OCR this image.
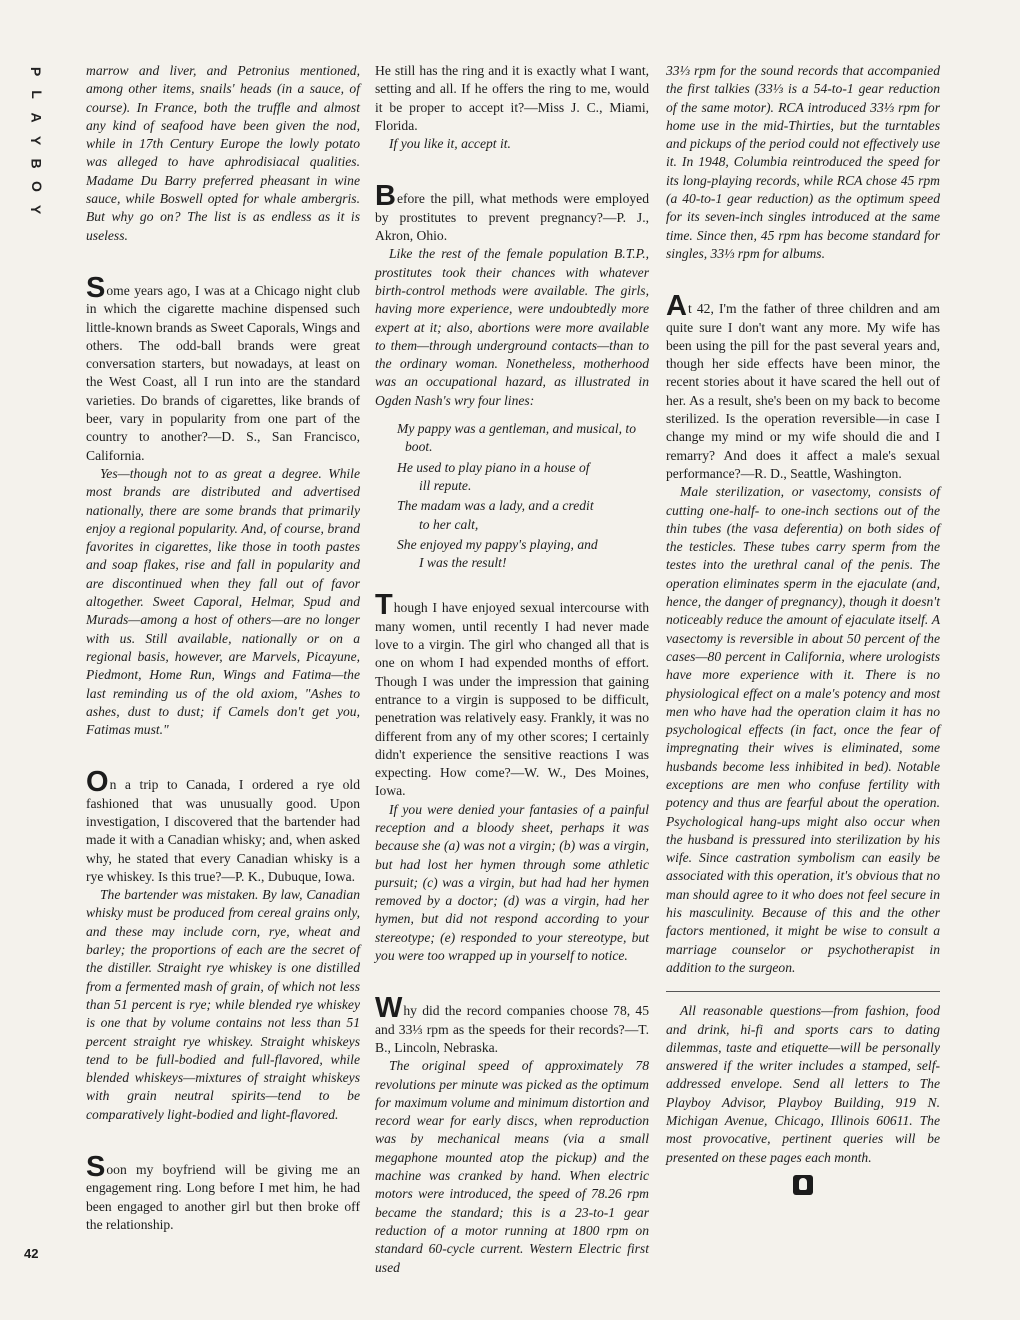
P
L
A
Y
B
O
Y
42

marrow and liver, and Petronius mentioned, among other items, snails' heads (in a sauce, of course). In France, both the truffle and almost any kind of seafood have been given the nod, while in 17th Century Europe the lowly potato was alleged to have aphrodisiacal qualities. Madame Du Barry preferred pheasant in wine sauce, while Boswell opted for whale ambergris. But why go on? The list is as endless as it is useless.

Some years ago, I was at a Chicago night club in which the cigarette machine dispensed such little-known brands as Sweet Caporals, Wings and others. The odd-ball brands were great conversation starters, but nowadays, at least on the West Coast, all I run into are the standard varieties. Do brands of cigarettes, like brands of beer, vary in popularity from one part of the country to another?—D. S., San Francisco, California.

Yes—though not to as great a degree. While most brands are distributed and advertised nationally, there are some brands that primarily enjoy a regional popularity. And, of course, brand favorites in cigarettes, like those in tooth pastes and soap flakes, rise and fall in popularity and are discontinued when they fall out of favor altogether. Sweet Caporal, Helmar, Spud and Murads—among a host of others—are no longer with us. Still available, nationally or on a regional basis, however, are Marvels, Picayune, Piedmont, Home Run, Wings and Fatima—the last reminding us of the old axiom, "Ashes to ashes, dust to dust; if Camels don't get you, Fatimas must."

On a trip to Canada, I ordered a rye old fashioned that was unusually good. Upon investigation, I discovered that the bartender had made it with a Canadian whisky; and, when asked why, he stated that every Canadian whisky is a rye whiskey. Is this true?—P. K., Dubuque, Iowa.

The bartender was mistaken. By law, Canadian whisky must be produced from cereal grains only, and these may include corn, rye, wheat and barley; the proportions of each are the secret of the distiller. Straight rye whiskey is one distilled from a fermented mash of grain, of which not less than 51 percent is rye; while blended rye whiskey is one that by volume contains not less than 51 percent straight rye whiskey. Straight whiskeys tend to be full-bodied and full-flavored, while blended whiskeys—mixtures of straight whiskeys with grain neutral spirits—tend to be comparatively light-bodied and light-flavored.

Soon my boyfriend will be giving me an engagement ring. Long before I met him, he had been engaged to another girl but then broke off the relationship.

He still has the ring and it is exactly what I want, setting and all. If he offers the ring to me, would it be proper to accept it?—Miss J. C., Miami, Florida.

If you like it, accept it.

Before the pill, what methods were employed by prostitutes to prevent pregnancy?—P. J., Akron, Ohio.

Like the rest of the female population B.T.P., prostitutes took their chances with whatever birth-control methods were available. The girls, having more experience, were undoubtedly more expert at it; also, abortions were more available to them—through underground contacts—than to the ordinary woman. Nonetheless, motherhood was an occupational hazard, as illustrated in Ogden Nash's wry four lines:

My pappy was a gentleman, and musical, to boot.

He used to play piano in a house of

ill repute.

The madam was a lady, and a credit

to her calt,

She enjoyed my pappy's playing, and

I was the result!

Though I have enjoyed sexual intercourse with many women, until recently I had never made love to a virgin. The girl who changed all that is one on whom I had expended months of effort. Though I was under the impression that gaining entrance to a virgin is supposed to be difficult, penetration was relatively easy. Frankly, it was no different from any of my other scores; I certainly didn't experience the sensitive reactions I was expecting. How come?—W. W., Des Moines, Iowa.

If you were denied your fantasies of a painful reception and a bloody sheet, perhaps it was because she (a) was not a virgin; (b) was a virgin, but had lost her hymen through some athletic pursuit; (c) was a virgin, but had had her hymen removed by a doctor; (d) was a virgin, had her hymen, but did not respond according to your stereotype; (e) responded to your stereotype, but you were too wrapped up in yourself to notice.

Why did the record companies choose 78, 45 and 33⅓ rpm as the speeds for their records?—T. B., Lincoln, Nebraska.

The original speed of approximately 78 revolutions per minute was picked as the optimum for maximum volume and minimum distortion and record wear for early discs, when reproduction was by mechanical means (via a small megaphone mounted atop the pickup) and the machine was cranked by hand. When electric motors were introduced, the speed of 78.26 rpm became the standard; this is a 23-to-1 gear reduction of a motor running at 1800 rpm on standard 60-cycle current. Western Electric first used

33⅓ rpm for the sound records that accompanied the first talkies (33⅓ is a 54-to-1 gear reduction of the same motor). RCA introduced 33⅓ rpm for home use in the mid-Thirties, but the turntables and pickups of the period could not effectively use it. In 1948, Columbia reintroduced the speed for its long-playing records, while RCA chose 45 rpm (a 40-to-1 gear reduction) as the optimum speed for its seven-inch singles introduced at the same time. Since then, 45 rpm has become standard for singles, 33⅓ rpm for albums.

At 42, I'm the father of three children and am quite sure I don't want any more. My wife has been using the pill for the past several years and, though her side effects have been minor, the recent stories about it have scared the hell out of her. As a result, she's been on my back to become sterilized. Is the operation reversible—in case I change my mind or my wife should die and I remarry? And does it affect a male's sexual performance?—R. D., Seattle, Washington.

Male sterilization, or vasectomy, consists of cutting one-half- to one-inch sections out of the thin tubes (the vasa deferentia) on both sides of the testicles. These tubes carry sperm from the testes into the urethral canal of the penis. The operation eliminates sperm in the ejaculate (and, hence, the danger of pregnancy), though it doesn't noticeably reduce the amount of ejaculate itself. A vasectomy is reversible in about 50 percent of the cases—80 percent in California, where urologists have more experience with it. There is no physiological effect on a male's potency and most men who have had the operation claim it has no psychological effects (in fact, once the fear of impregnating their wives is eliminated, some husbands become less inhibited in bed). Notable exceptions are men who confuse fertility with potency and thus are fearful about the operation. Psychological hang-ups might also occur when the husband is pressured into sterilization by his wife. Since castration symbolism can easily be associated with this operation, it's obvious that no man should agree to it who does not feel secure in his masculinity. Because of this and the other factors mentioned, it might be wise to consult a marriage counselor or psychotherapist in addition to the surgeon.

All reasonable questions—from fashion, food and drink, hi-fi and sports cars to dating dilemmas, taste and etiquette—will be personally answered if the writer includes a stamped, self-addressed envelope. Send all letters to The Playboy Advisor, Playboy Building, 919 N. Michigan Avenue, Chicago, Illinois 60611. The most provocative, pertinent queries will be presented on these pages each month.
